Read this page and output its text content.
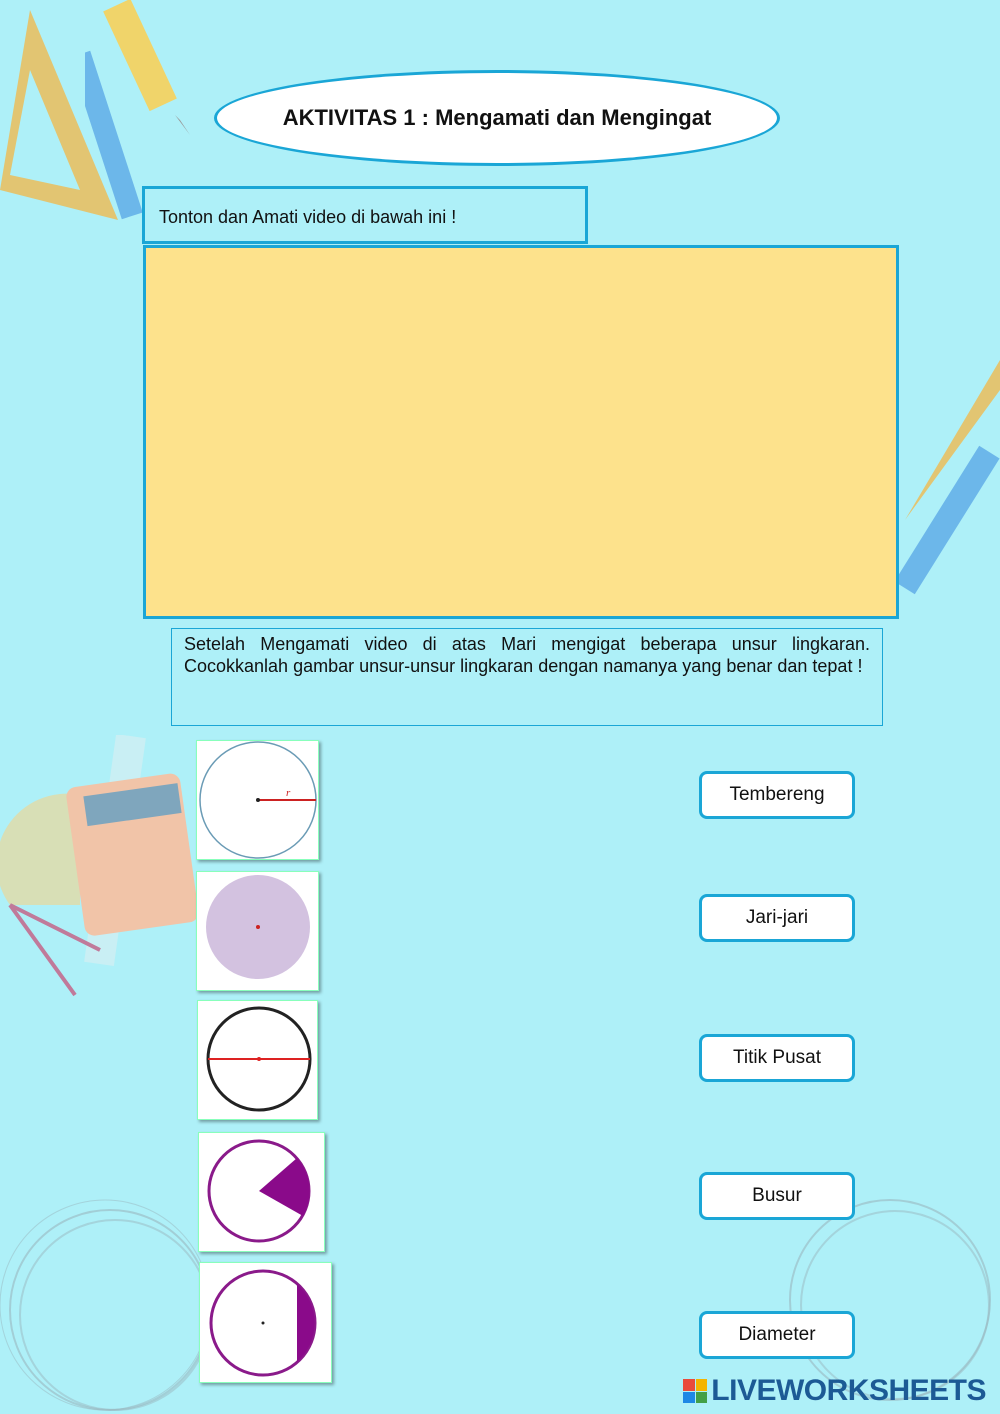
AKTIVITAS 1 : Mengamati dan Mengingat
Tonton dan Amati video di bawah ini !
Setelah Mengamati video di atas Mari mengigat beberapa unsur lingkaran. Cocokkanlah gambar unsur-unsur lingkaran dengan namanya yang benar dan tepat !
r	Tembereng
Jari-jari
Titik Pusat
Busur
Diameter
LIVEWORKSHEETS
